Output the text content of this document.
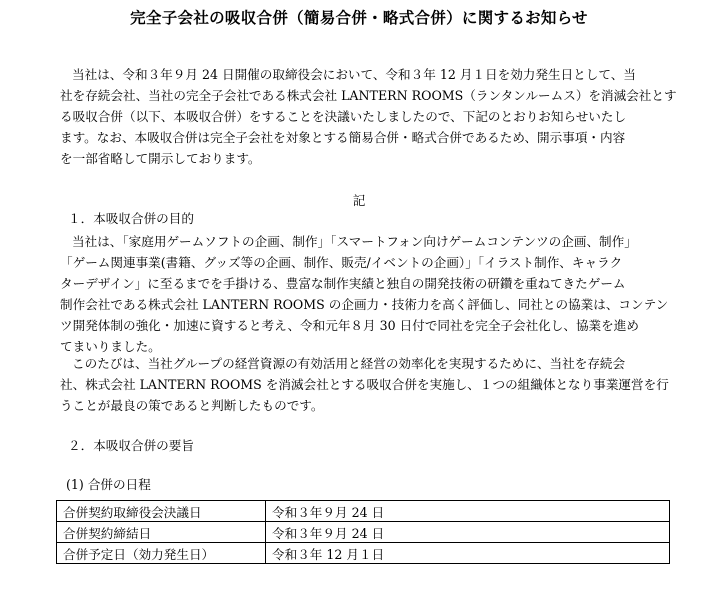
完全子会社の吸収合併（簡易合併・略式合併）に関するお知らせ
当社は、令和３年９月 24 日開催の取締役会において、令和３年 12 月１日を効力発生日として、当
社を存続会社、当社の完全子会社である株式会社 LANTERN ROOMS（ランタンルームス）を消滅会社とす
る吸収合併（以下、本吸収合併）をすることを決議いたしましたので、下記のとおりお知らせいたし
ます。なお、本吸収合併は完全子会社を対象とする簡易合併・略式合併であるため、開示事項・内容
を一部省略して開示しております。
記
１．本吸収合併の目的
当社は、「家庭用ゲームソフトの企画、制作」「スマートフォン向けゲームコンテンツの企画、制作」
「ゲーム関連事業(書籍、グッズ等の企画、制作、販売/イベントの企画）」「イラスト制作、キャラク
ターデザイン」に至るまでを手掛ける、豊富な制作実績と独自の開発技術の研鑽を重ねてきたゲーム
制作会社である株式会社 LANTERN ROOMS の企画力・技術力を高く評価し、同社との協業は、コンテン
ツ開発体制の強化・加速に資すると考え、令和元年８月 30 日付で同社を完全子会社化し、協業を進め
てまいりました。
このたびは、当社グループの経営資源の有効活用と経営の効率化を実現するために、当社を存続会
社、株式会社 LANTERN ROOMS を消滅会社とする吸収合併を実施し、１つの組織体となり事業運営を行
うことが最良の策であると判断したものです。
２．本吸収合併の要旨
(1) 合併の日程
合併契約取締役会決議日	令和３年９月 24 日
合併契約締結日	令和３年９月 24 日
合併予定日（効力発生日）	令和３年 12 月１日
